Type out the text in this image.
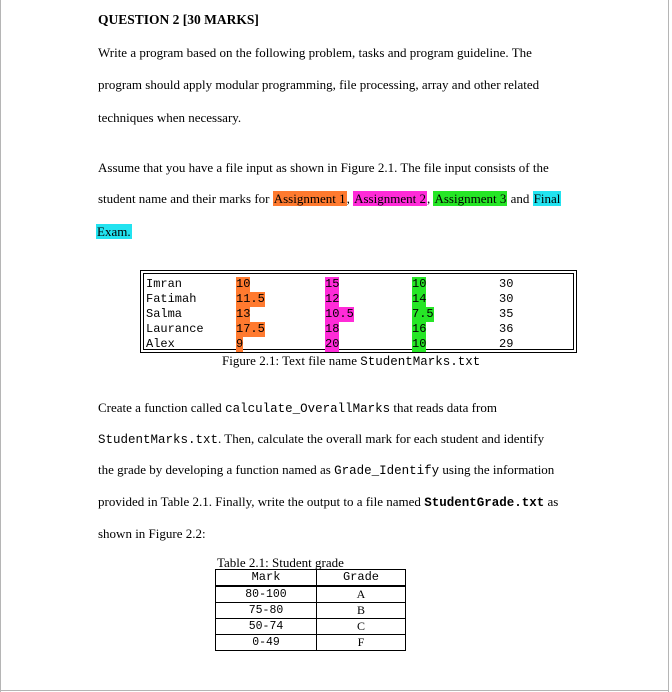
QUESTION 2 [30 MARKS]
Write a program based on the following problem, tasks and program guideline. The
program should apply modular programming, file processing, array and other related
techniques when necessary.
Assume that you have a file input as shown in Figure 2.1. The file input consists of the
student name and their marks for Assignment 1, Assignment 2, Assignment 3 and Final
Exam.
Imran	10	15	10	30
Fatimah	11.5	12	14	30
Salma	13	10.5	7.5	35
Laurance	17.5	18	16	36
Alex	9	20	10	29
Figure 2.1: Text file name StudentMarks.txt
Create a function called calculate_OverallMarks that reads data from
StudentMarks.txt. Then, calculate the overall mark for each student and identify
the grade by developing a function named as Grade_Identify using the information
provided in Table 2.1. Finally, write the output to a file named StudentGrade.txt as
shown in Figure 2.2:
Table 2.1: Student grade
Mark	Grade
80-100	A
75-80	B
50-74	C
0-49	F
